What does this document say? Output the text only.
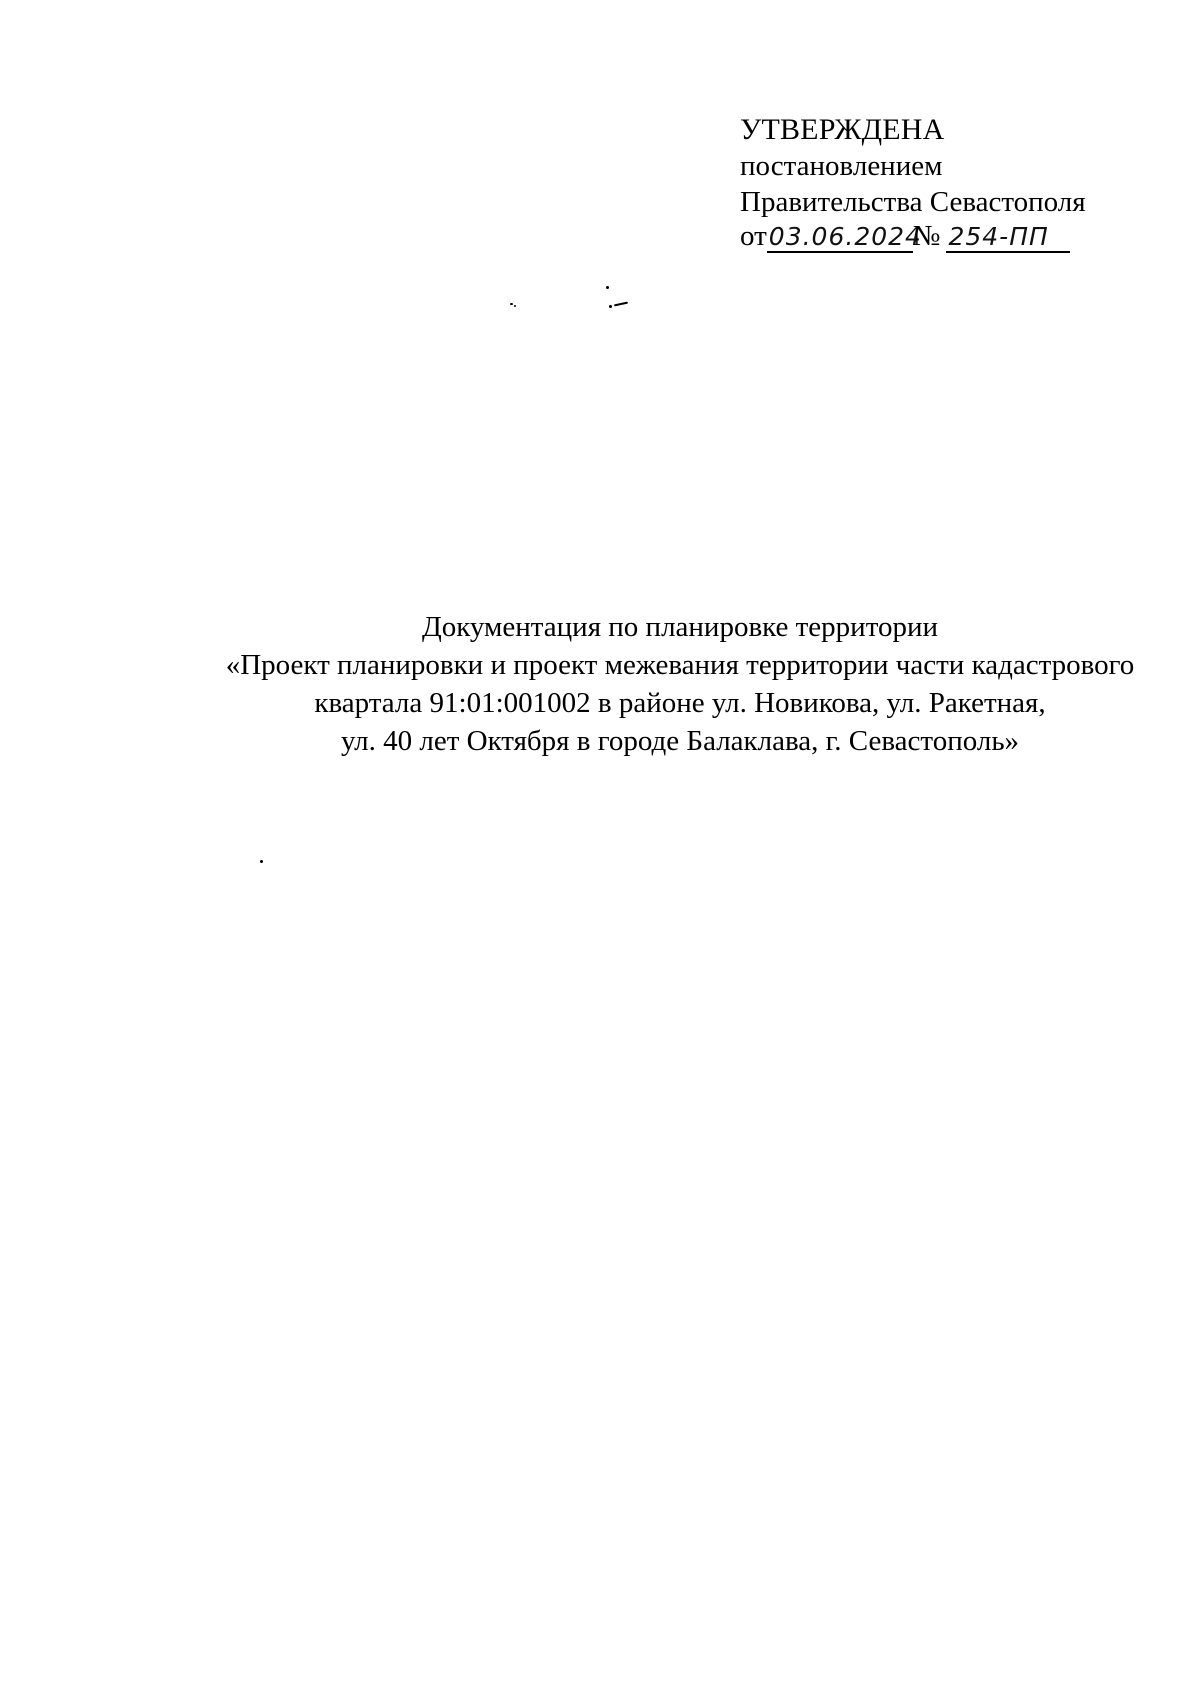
УТВЕРЖДЕНА
постановлением
Правительства Севастополя
от03.06.2024№ 254-ПП
Документация по планировке территории
«Проект планировки и проект межевания территории части кадастрового
квартала 91:01:001002 в районе ул. Новикова, ул. Ракетная,
ул. 40 лет Октября в городе Балаклава, г. Севастополь»
